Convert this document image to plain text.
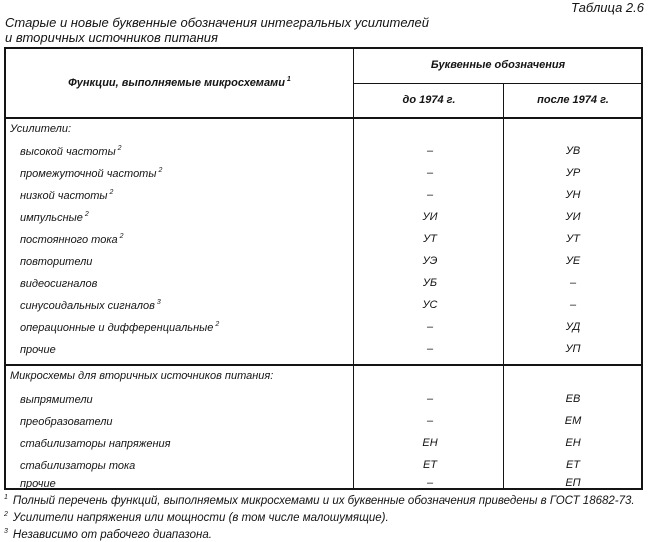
Таблица 2.6
Старые и новые буквенные обозначения интегральных усилителей
и вторичных источников питания
Функции, выполняемые микросхемами $^1$
Буквенные обозначения
до 1974 г.	после 1974 г.
Усилители:
высокой частоты $^2$	–	УВ
промежуточной частоты $^2$	–	УР
низкой частоты $^2$	–	УН
импульсные $^2$	УИ	УИ
постоянного тока $^2$	УТ	УТ
повторители	УЭ	УЕ
видеосигналов	УБ	–
синусоидальных сигналов $^3$	УС	–
операционные и дифференциальные $^2$	–	УД
прочие	–	УП
Микросхемы для вторичных источников питания:
выпрямители	–	ЕВ
преобразователи	–	ЕМ
стабилизаторы напряжения	ЕН	ЕН
стабилизаторы тока	ЕТ	ЕТ
прочие	–	ЕП
$^1$ Полный перечень функций, выполняемых микросхемами и их буквенные обозначения приведены в ГОСТ 18682-73.
$^2$ Усилители напряжения или мощности (в том числе малошумящие).
$^3$ Независимо от рабочего диапазона.
